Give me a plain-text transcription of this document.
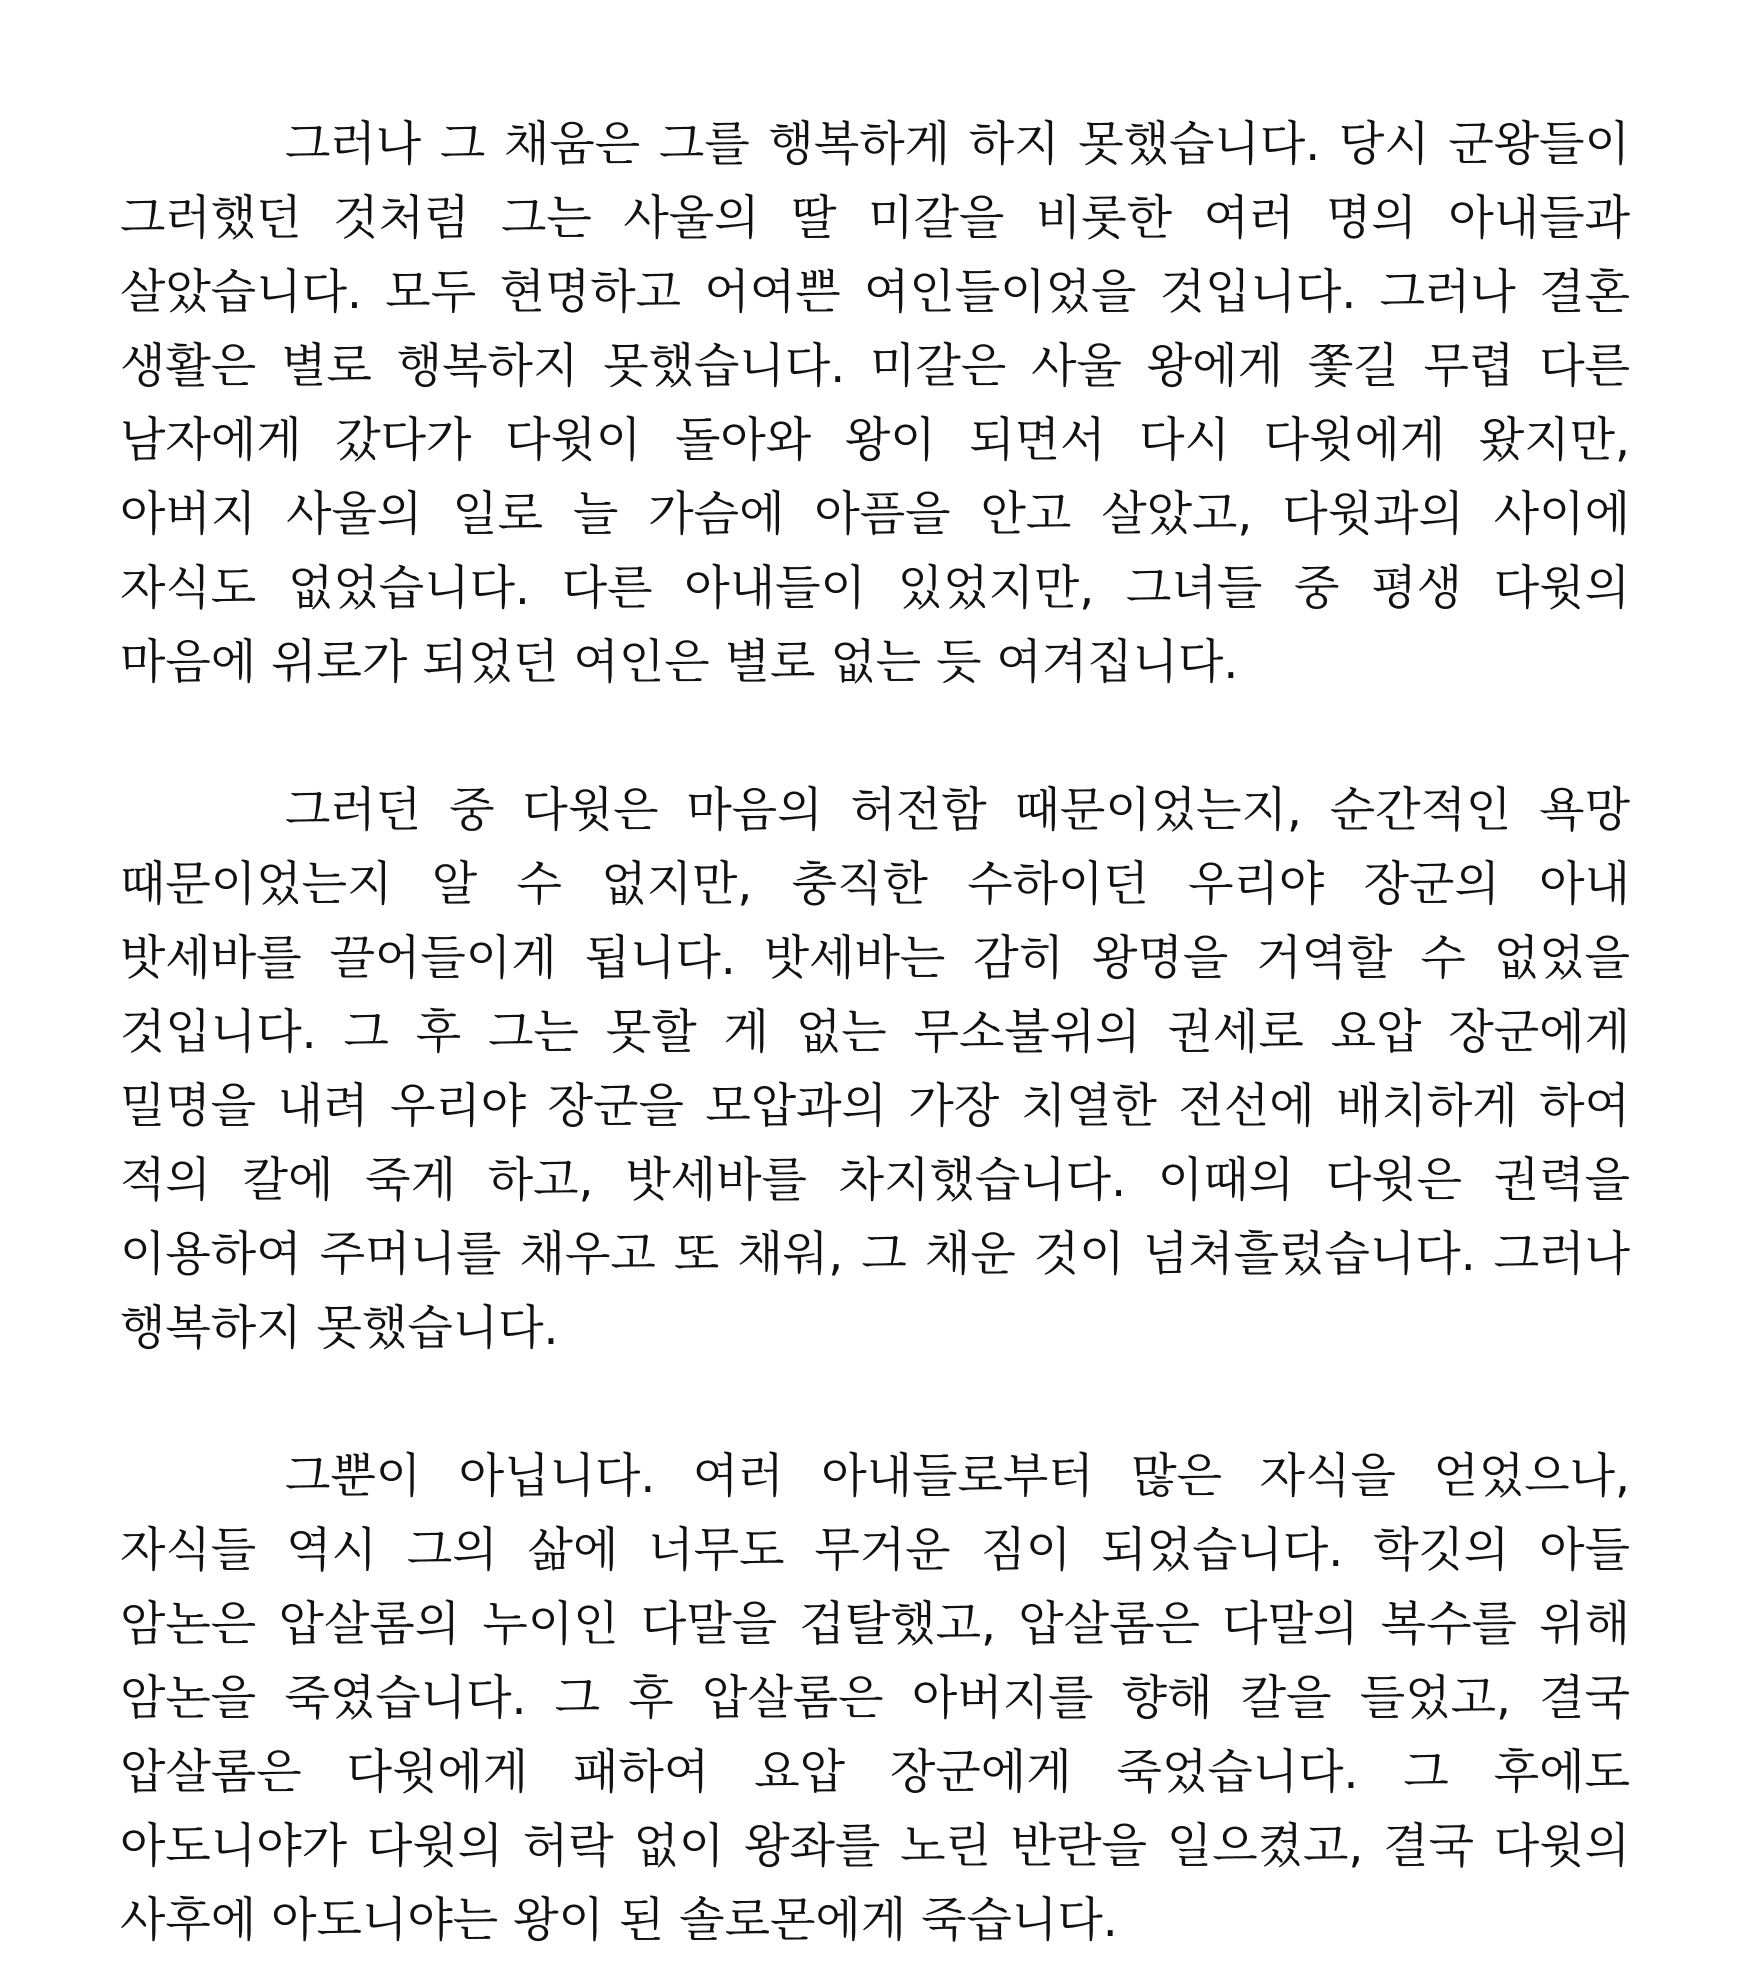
그러나 그 채움은 그를 행복하게 하지 못했습니다. 당시 군왕들이 그러했던 것처럼 그는 사울의 딸 미갈을 비롯한 여러 명의 아내들과 살았습니다. 모두 현명하고 어여쁜 여인들이었을 것입니다. 그러나 결혼 생활은 별로 행복하지 못했습니다. 미갈은 사울 왕에게 쫓길 무렵 다른 남자에게 갔다가 다윗이 돌아와 왕이 되면서 다시 다윗에게 왔지만, 아버지 사울의 일로 늘 가슴에 아픔을 안고 살았고, 다윗과의 사이에 자식도 없었습니다. 다른 아내들이 있었지만, 그녀들 중 평생 다윗의 마음에 위로가 되었던 여인은 별로 없는 듯 여겨집니다.

그러던 중 다윗은 마음의 허전함 때문이었는지, 순간적인 욕망 때문이었는지 알 수 없지만, 충직한 수하이던 우리야 장군의 아내 밧세바를 끌어들이게 됩니다. 밧세바는 감히 왕명을 거역할 수 없었을 것입니다. 그 후 그는 못할 게 없는 무소불위의 권세로 요압 장군에게 밀명을 내려 우리야 장군을 모압과의 가장 치열한 전선에 배치하게 하여 적의 칼에 죽게 하고, 밧세바를 차지했습니다. 이때의 다윗은 권력을 이용하여 주머니를 채우고 또 채워, 그 채운 것이 넘쳐흘렀습니다. 그러나 행복하지 못했습니다.

그뿐이 아닙니다. 여러 아내들로부터 많은 자식을 얻었으나, 자식들 역시 그의 삶에 너무도 무거운 짐이 되었습니다. 학깃의 아들 암논은 압살롬의 누이인 다말을 겁탈했고, 압살롬은 다말의 복수를 위해 암논을 죽였습니다. 그 후 압살롬은 아버지를 향해 칼을 들었고, 결국 압살롬은 다윗에게 패하여 요압 장군에게 죽었습니다. 그 후에도 아도니야가 다윗의 허락 없이 왕좌를 노린 반란을 일으켰고, 결국 다윗의 사후에 아도니야는 왕이 된 솔로몬에게 죽습니다.
